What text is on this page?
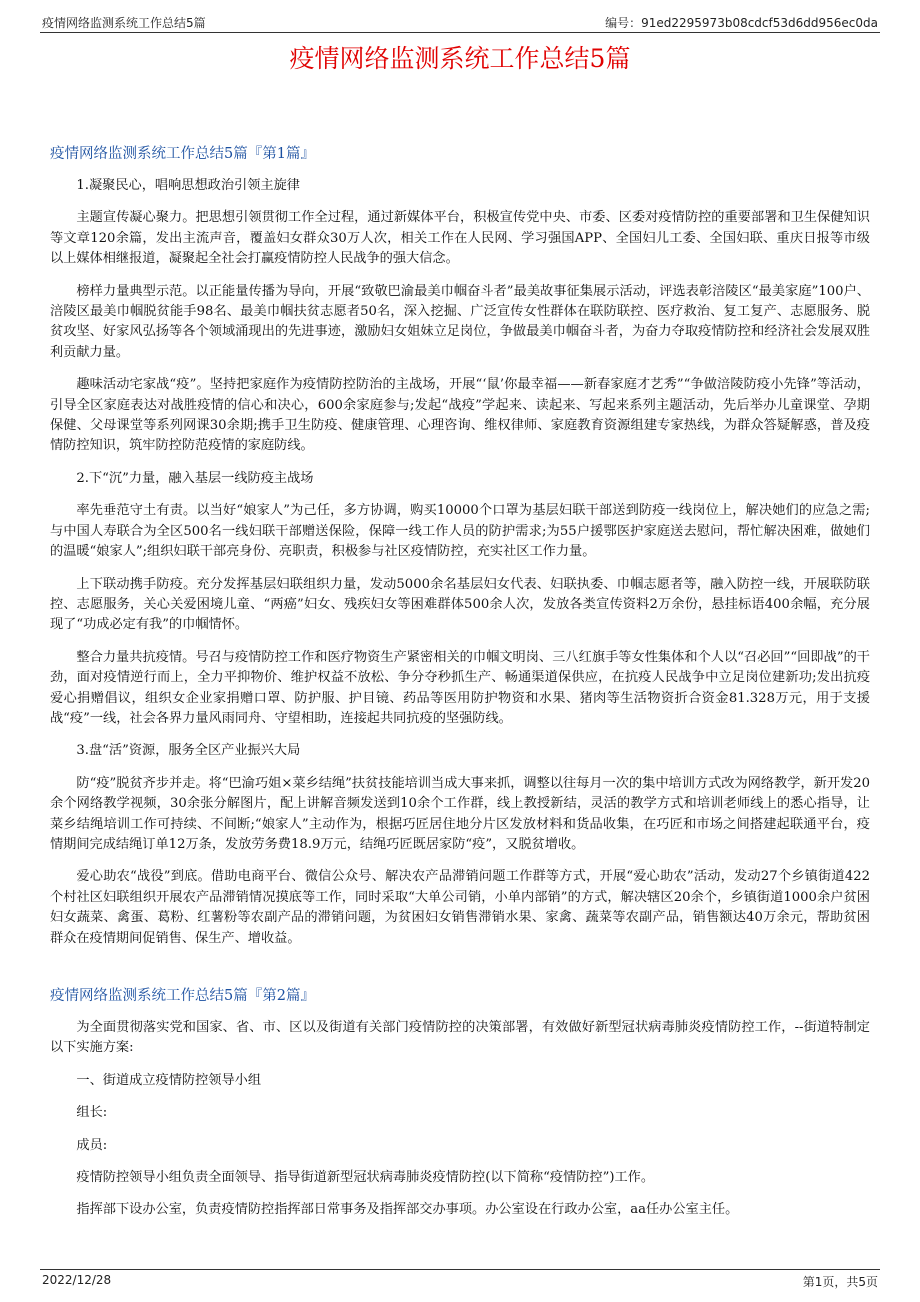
疫情网络监测系统工作总结5篇	编号：91ed2295973b08cdcf53d6dd956ec0da
疫情网络监测系统工作总结5篇
疫情网络监测系统工作总结5篇『第1篇』

1.凝聚民心，唱响思想政治引领主旋律

主题宣传凝心聚力。把思想引领贯彻工作全过程，通过新媒体平台，积极宣传党中央、市委、区委对疫情防控的重要部署和卫生保健知识等文章120余篇，发出主流声音，覆盖妇女群众30万人次，相关工作在人民网、学习强国APP、全国妇儿工委、全国妇联、重庆日报等市级以上媒体相继报道，凝聚起全社会打赢疫情防控人民战争的强大信念。

榜样力量典型示范。以正能量传播为导向，开展“致敬巴渝最美巾帼奋斗者”最美故事征集展示活动，评选表彰涪陵区“最美家庭”100户、涪陵区最美巾帼脱贫能手98名、最美巾帼扶贫志愿者50名，深入挖掘、广泛宣传女性群体在联防联控、医疗救治、复工复产、志愿服务、脱贫攻坚、好家风弘扬等各个领域涌现出的先进事迹，激励妇女姐妹立足岗位，争做最美巾帼奋斗者，为奋力夺取疫情防控和经济社会发展双胜利贡献力量。

趣味活动宅家战“疫”。坚持把家庭作为疫情防控防治的主战场，开展“‘鼠’你最幸福——新春家庭才艺秀”“争做涪陵防疫小先锋”等活动，引导全区家庭表达对战胜疫情的信心和决心，600余家庭参与;发起“战疫”学起来、读起来、写起来系列主题活动，先后举办儿童课堂、孕期保健、父母课堂等系列网课30余期;携手卫生防疫、健康管理、心理咨询、维权律师、家庭教育资源组建专家热线，为群众答疑解惑，普及疫情防控知识，筑牢防控防范疫情的家庭防线。

2.下“沉”力量，融入基层一线防疫主战场

率先垂范守土有责。以当好“娘家人”为己任，多方协调，购买10000个口罩为基层妇联干部送到防疫一线岗位上，解决她们的应急之需;与中国人寿联合为全区500名一线妇联干部赠送保险，保障一线工作人员的防护需求;为55户援鄂医护家庭送去慰问，帮忙解决困难，做她们的温暖“娘家人”;组织妇联干部亮身份、亮职责，积极参与社区疫情防控，充实社区工作力量。

上下联动携手防疫。充分发挥基层妇联组织力量，发动5000余名基层妇女代表、妇联执委、巾帼志愿者等，融入防控一线，开展联防联控、志愿服务，关心关爱困境儿童、“两癌”妇女、残疾妇女等困难群体500余人次，发放各类宣传资料2万余份，悬挂标语400余幅，充分展现了“功成必定有我”的巾帼情怀。

整合力量共抗疫情。号召与疫情防控工作和医疗物资生产紧密相关的巾帼文明岗、三八红旗手等女性集体和个人以“召必回”“回即战”的干劲，面对疫情逆行而上，全力平抑物价、维护权益不放松、争分夺秒抓生产、畅通渠道保供应，在抗疫人民战争中立足岗位建新功;发出抗疫爱心捐赠倡议，组织女企业家捐赠口罩、防护服、护目镜、药品等医用防护物资和水果、猪肉等生活物资折合资金81.328万元，用于支援战“疫”一线，社会各界力量风雨同舟、守望相助，连接起共同抗疫的坚强防线。

3.盘“活”资源，服务全区产业振兴大局

防“疫”脱贫齐步并走。将“巴渝巧姐×菜乡结绳”扶贫技能培训当成大事来抓，调整以往每月一次的集中培训方式改为网络教学，新开发20余个网络教学视频，30余张分解图片，配上讲解音频发送到10余个工作群，线上教授新结，灵活的教学方式和培训老师线上的悉心指导，让菜乡结绳培训工作可持续、不间断;“娘家人”主动作为，根据巧匠居住地分片区发放材料和货品收集，在巧匠和市场之间搭建起联通平台，疫情期间完成结绳订单12万条，发放劳务费18.9万元，结绳巧匠既居家防“疫”，又脱贫增收。

爱心助农“战役”到底。借助电商平台、微信公众号、解决农产品滞销问题工作群等方式，开展“爱心助农”活动，发动27个乡镇街道422个村社区妇联组织开展农产品滞销情况摸底等工作，同时采取“大单公司销，小单内部销”的方式，解决辖区20余个，乡镇街道1000余户贫困妇女蔬菜、禽蛋、葛粉、红薯粉等农副产品的滞销问题，为贫困妇女销售滞销水果、家禽、蔬菜等农副产品，销售额达40万余元，帮助贫困群众在疫情期间促销售、保生产、增收益。

疫情网络监测系统工作总结5篇『第2篇』

为全面贯彻落实党和国家、省、市、区以及街道有关部门疫情防控的决策部署，有效做好新型冠状病毒肺炎疫情防控工作，--街道特制定以下实施方案:

一、街道成立疫情防控领导小组

组长:

成员:

疫情防控领导小组负责全面领导、指导街道新型冠状病毒肺炎疫情防控(以下简称“疫情防控”)工作。

指挥部下设办公室，负责疫情防控指挥部日常事务及指挥部交办事项。办公室设在行政办公室，aa任办公室主任。

2022/12/28	第1页，共5页
